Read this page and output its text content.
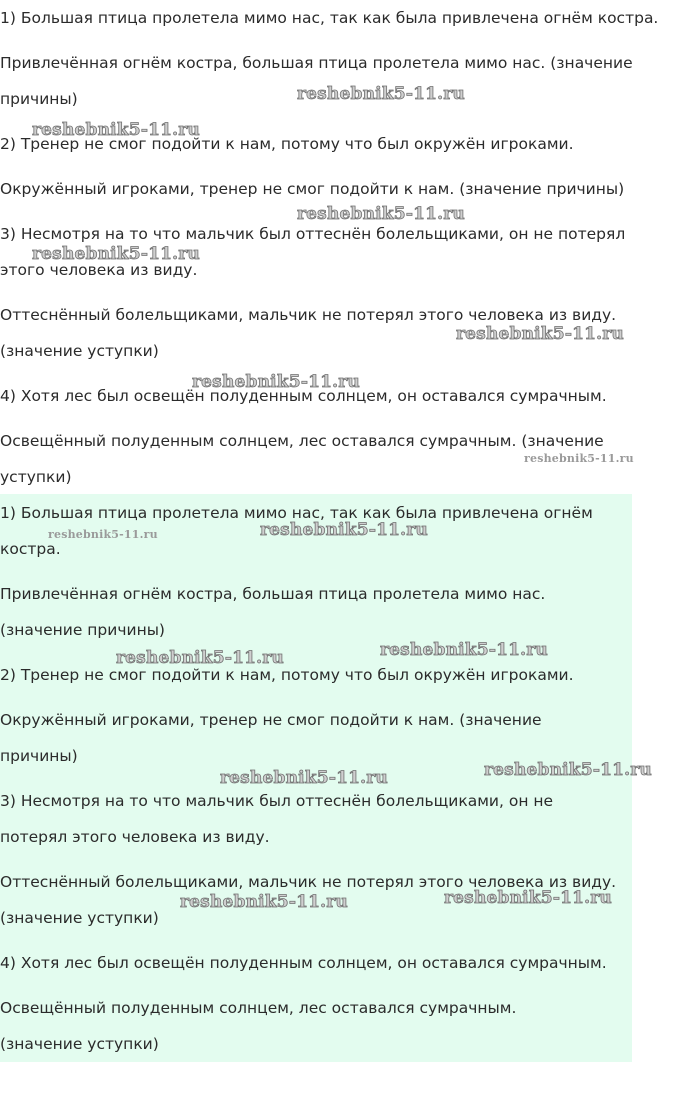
1) Большая птица пролетела мимо нас, так как была привлечена огнём костра.

Привлечённая огнём костра, большая птица пролетела мимо нас. (значение

причины)

2) Тренер не смог подойти к нам, потому что был окружён игроками.

Окружённый игроками, тренер не смог подойти к нам. (значение причины)

3) Несмотря на то что мальчик был оттеснён болельщиками, он не потерял

этого человека из виду.

Оттеснённый болельщиками, мальчик не потерял этого человека из виду.

(значение уступки)

4) Хотя лес был освещён полуденным солнцем, он оставался сумрачным.

Освещённый полуденным солнцем, лес оставался сумрачным. (значение

уступки)

1) Большая птица пролетела мимо нас, так как была привлечена огнём

костра.

Привлечённая огнём костра, большая птица пролетела мимо нас.

(значение причины)

2) Тренер не смог подойти к нам, потому что был окружён игроками.

Окружённый игроками, тренер не смог подойти к нам. (значение

причины)

3) Несмотря на то что мальчик был оттеснён болельщиками, он не

потерял этого человека из виду.

Оттеснённый болельщиками, мальчик не потерял этого человека из виду.

(значение уступки)

4) Хотя лес был освещён полуденным солнцем, он оставался сумрачным.

Освещённый полуденным солнцем, лес оставался сумрачным.

(значение уступки)

reshebnik5-11.ru
reshebnik5-11.ru
reshebnik5-11.ru
reshebnik5-11.ru
reshebnik5-11.ru
reshebnik5-11.ru
reshebnik5-11.ru
reshebnik5-11.ru	reshebnik5-11.ru
reshebnik5-11.ru
reshebnik5-11.ru
reshebnik5-11.ru	reshebnik5-11.ru
reshebnik5-11.ru
reshebnik5-11.ru
